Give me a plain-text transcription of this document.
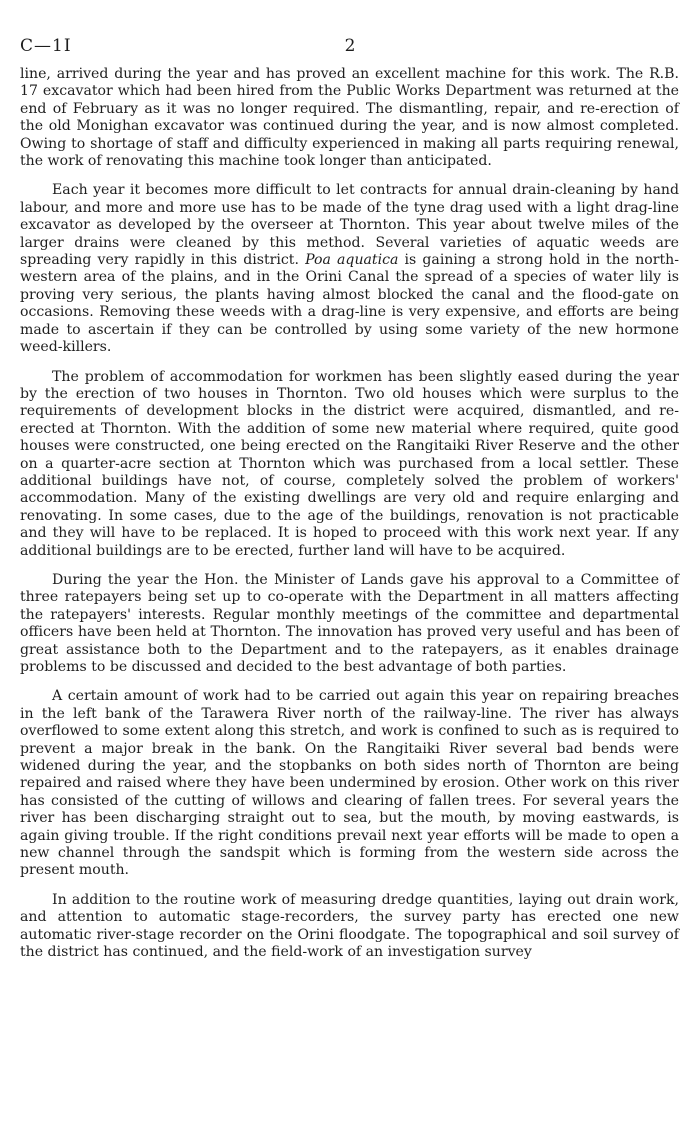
C—1I	2

line, arrived during the year and has proved an excellent machine for this work. The R.B. 17 excavator which had been hired from the Public Works Department was returned at the end of February as it was no longer required. The dismantling, repair, and re-erection of the old Monighan excavator was continued during the year, and is now almost completed. Owing to shortage of staff and difficulty experienced in making all parts requiring renewal, the work of renovating this machine took longer than anticipated.

Each year it becomes more difficult to let contracts for annual drain-cleaning by hand labour, and more and more use has to be made of the tyne drag used with a light drag-line excavator as developed by the overseer at Thornton. This year about twelve miles of the larger drains were cleaned by this method. Several varieties of aquatic weeds are spreading very rapidly in this district. Poa aquatica is gaining a strong hold in the north-western area of the plains, and in the Orini Canal the spread of a species of water lily is proving very serious, the plants having almost blocked the canal and the flood-gate on occasions. Removing these weeds with a drag-line is very expensive, and efforts are being made to ascertain if they can be controlled by using some variety of the new hormone weed-killers.

The problem of accommodation for workmen has been slightly eased during the year by the erection of two houses in Thornton. Two old houses which were surplus to the requirements of development blocks in the district were acquired, dismantled, and re-erected at Thornton. With the addition of some new material where required, quite good houses were constructed, one being erected on the Rangitaiki River Reserve and the other on a quarter-acre section at Thornton which was purchased from a local settler. These additional buildings have not, of course, completely solved the problem of workers' accommodation. Many of the existing dwellings are very old and require enlarging and renovating. In some cases, due to the age of the buildings, renovation is not practicable and they will have to be replaced. It is hoped to proceed with this work next year. If any additional buildings are to be erected, further land will have to be acquired.

During the year the Hon. the Minister of Lands gave his approval to a Committee of three ratepayers being set up to co-operate with the Department in all matters affecting the ratepayers' interests. Regular monthly meetings of the committee and departmental officers have been held at Thornton. The innovation has proved very useful and has been of great assistance both to the Department and to the ratepayers, as it enables drainage problems to be discussed and decided to the best advantage of both parties.

A certain amount of work had to be carried out again this year on repairing breaches in the left bank of the Tarawera River north of the railway-line. The river has always overflowed to some extent along this stretch, and work is confined to such as is required to prevent a major break in the bank. On the Rangitaiki River several bad bends were widened during the year, and the stopbanks on both sides north of Thornton are being repaired and raised where they have been undermined by erosion. Other work on this river has consisted of the cutting of willows and clearing of fallen trees. For several years the river has been discharging straight out to sea, but the mouth, by moving eastwards, is again giving trouble. If the right conditions prevail next year efforts will be made to open a new channel through the sandspit which is forming from the western side across the present mouth.

In addition to the routine work of measuring dredge quantities, laying out drain work, and attention to automatic stage-recorders, the survey party has erected one new automatic river-stage recorder on the Orini floodgate. The topographical and soil survey of the district has continued, and the field-work of an investigation survey
